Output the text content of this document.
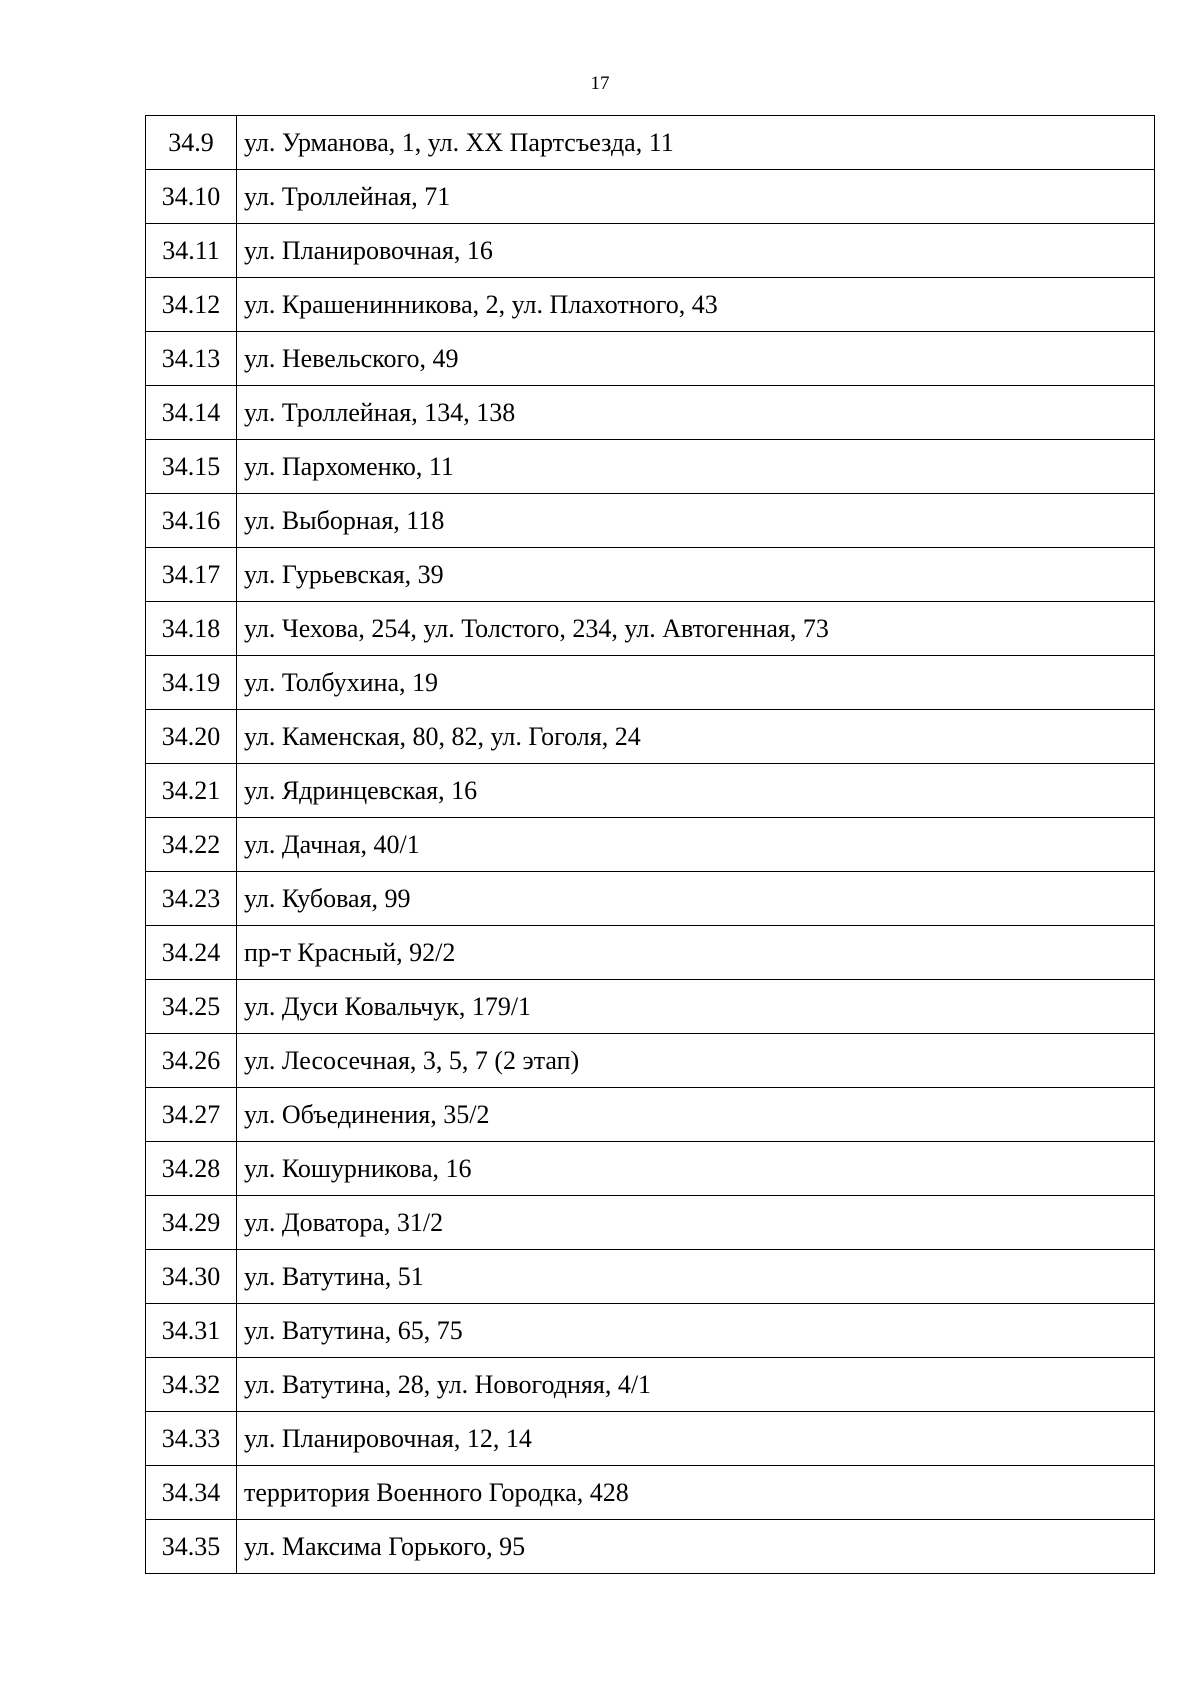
17
34.9	ул. Урманова, 1, ул. XX Партсъезда, 11
34.10	ул. Троллейная, 71
34.11	ул. Планировочная, 16
34.12	ул. Крашенинникова, 2, ул. Плахотного, 43
34.13	ул. Невельского, 49
34.14	ул. Троллейная, 134, 138
34.15	ул. Пархоменко, 11
34.16	ул. Выборная, 118
34.17	ул. Гурьевская, 39
34.18	ул. Чехова, 254, ул. Толстого, 234, ул. Автогенная, 73
34.19	ул. Толбухина, 19
34.20	ул. Каменская, 80, 82, ул. Гоголя, 24
34.21	ул. Ядринцевская, 16
34.22	ул. Дачная, 40/1
34.23	ул. Кубовая, 99
34.24	пр-т Красный, 92/2
34.25	ул. Дуси Ковальчук, 179/1
34.26	ул. Лесосечная, 3, 5, 7 (2 этап)
34.27	ул. Объединения, 35/2
34.28	ул. Кошурникова, 16
34.29	ул. Доватора, 31/2
34.30	ул. Ватутина, 51
34.31	ул. Ватутина, 65, 75
34.32	ул. Ватутина, 28, ул. Новогодняя, 4/1
34.33	ул. Планировочная, 12, 14
34.34	территория Военного Городка, 428
34.35	ул. Максима Горького, 95
